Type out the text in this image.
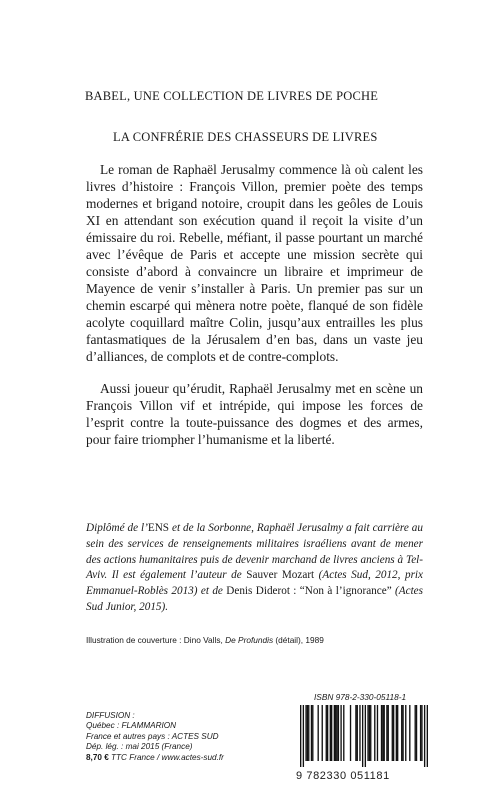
BABEL, UNE COLLECTION DE LIVRES DE POCHE
LA CONFRÉRIE DES CHASSEURS DE LIVRES

Le roman de Raphaël Jerusalmy commence là où calent les livres d’histoire : François Villon, premier poète des temps modernes et brigand notoire, croupit dans les geôles de Louis XI en attendant son exécution quand il reçoit la visite d’un émissaire du roi. Rebelle, méfiant, il passe pourtant un marché avec l’évêque de Paris et accepte une mission secrète qui consiste d’abord à convaincre un libraire et imprimeur de Mayence de venir s’installer à Paris. Un premier pas sur un chemin escarpé qui mènera notre poète, flanqué de son fidèle acolyte coquillard maître Colin, jusqu’aux entrailles les plus fantasmatiques de la Jérusalem d’en bas, dans un vaste jeu d’alliances, de complots et de contre-complots.

Aussi joueur qu’érudit, Raphaël Jerusalmy met en scène un François Villon vif et intrépide, qui impose les forces de l’esprit contre la toute-puissance des dogmes et des armes, pour faire triompher l’humanisme et la liberté.

Diplômé de l’ENS et de la Sorbonne, Raphaël Jerusalmy a fait carrière au sein des services de renseignements militaires israéliens avant de mener des actions humanitaires puis de devenir marchand de livres anciens à Tel-Aviv. Il est également l’auteur de Sauver Mozart (Actes Sud, 2012, prix Emmanuel-Roblès 2013) et de Denis Diderot : “Non à l’ignorance” (Actes Sud Junior, 2015).

Illustration de couverture : Dino Valls, De Profundis (détail), 1989
ISBN 978-2-330-05118-1
DIFFUSION :
Québec : FLAMMARION
France et autres pays : ACTES SUD
Dép. lég. : mai 2015 (France)
8,70 € TTC France / www.actes-sud.fr
9 782330 051181
